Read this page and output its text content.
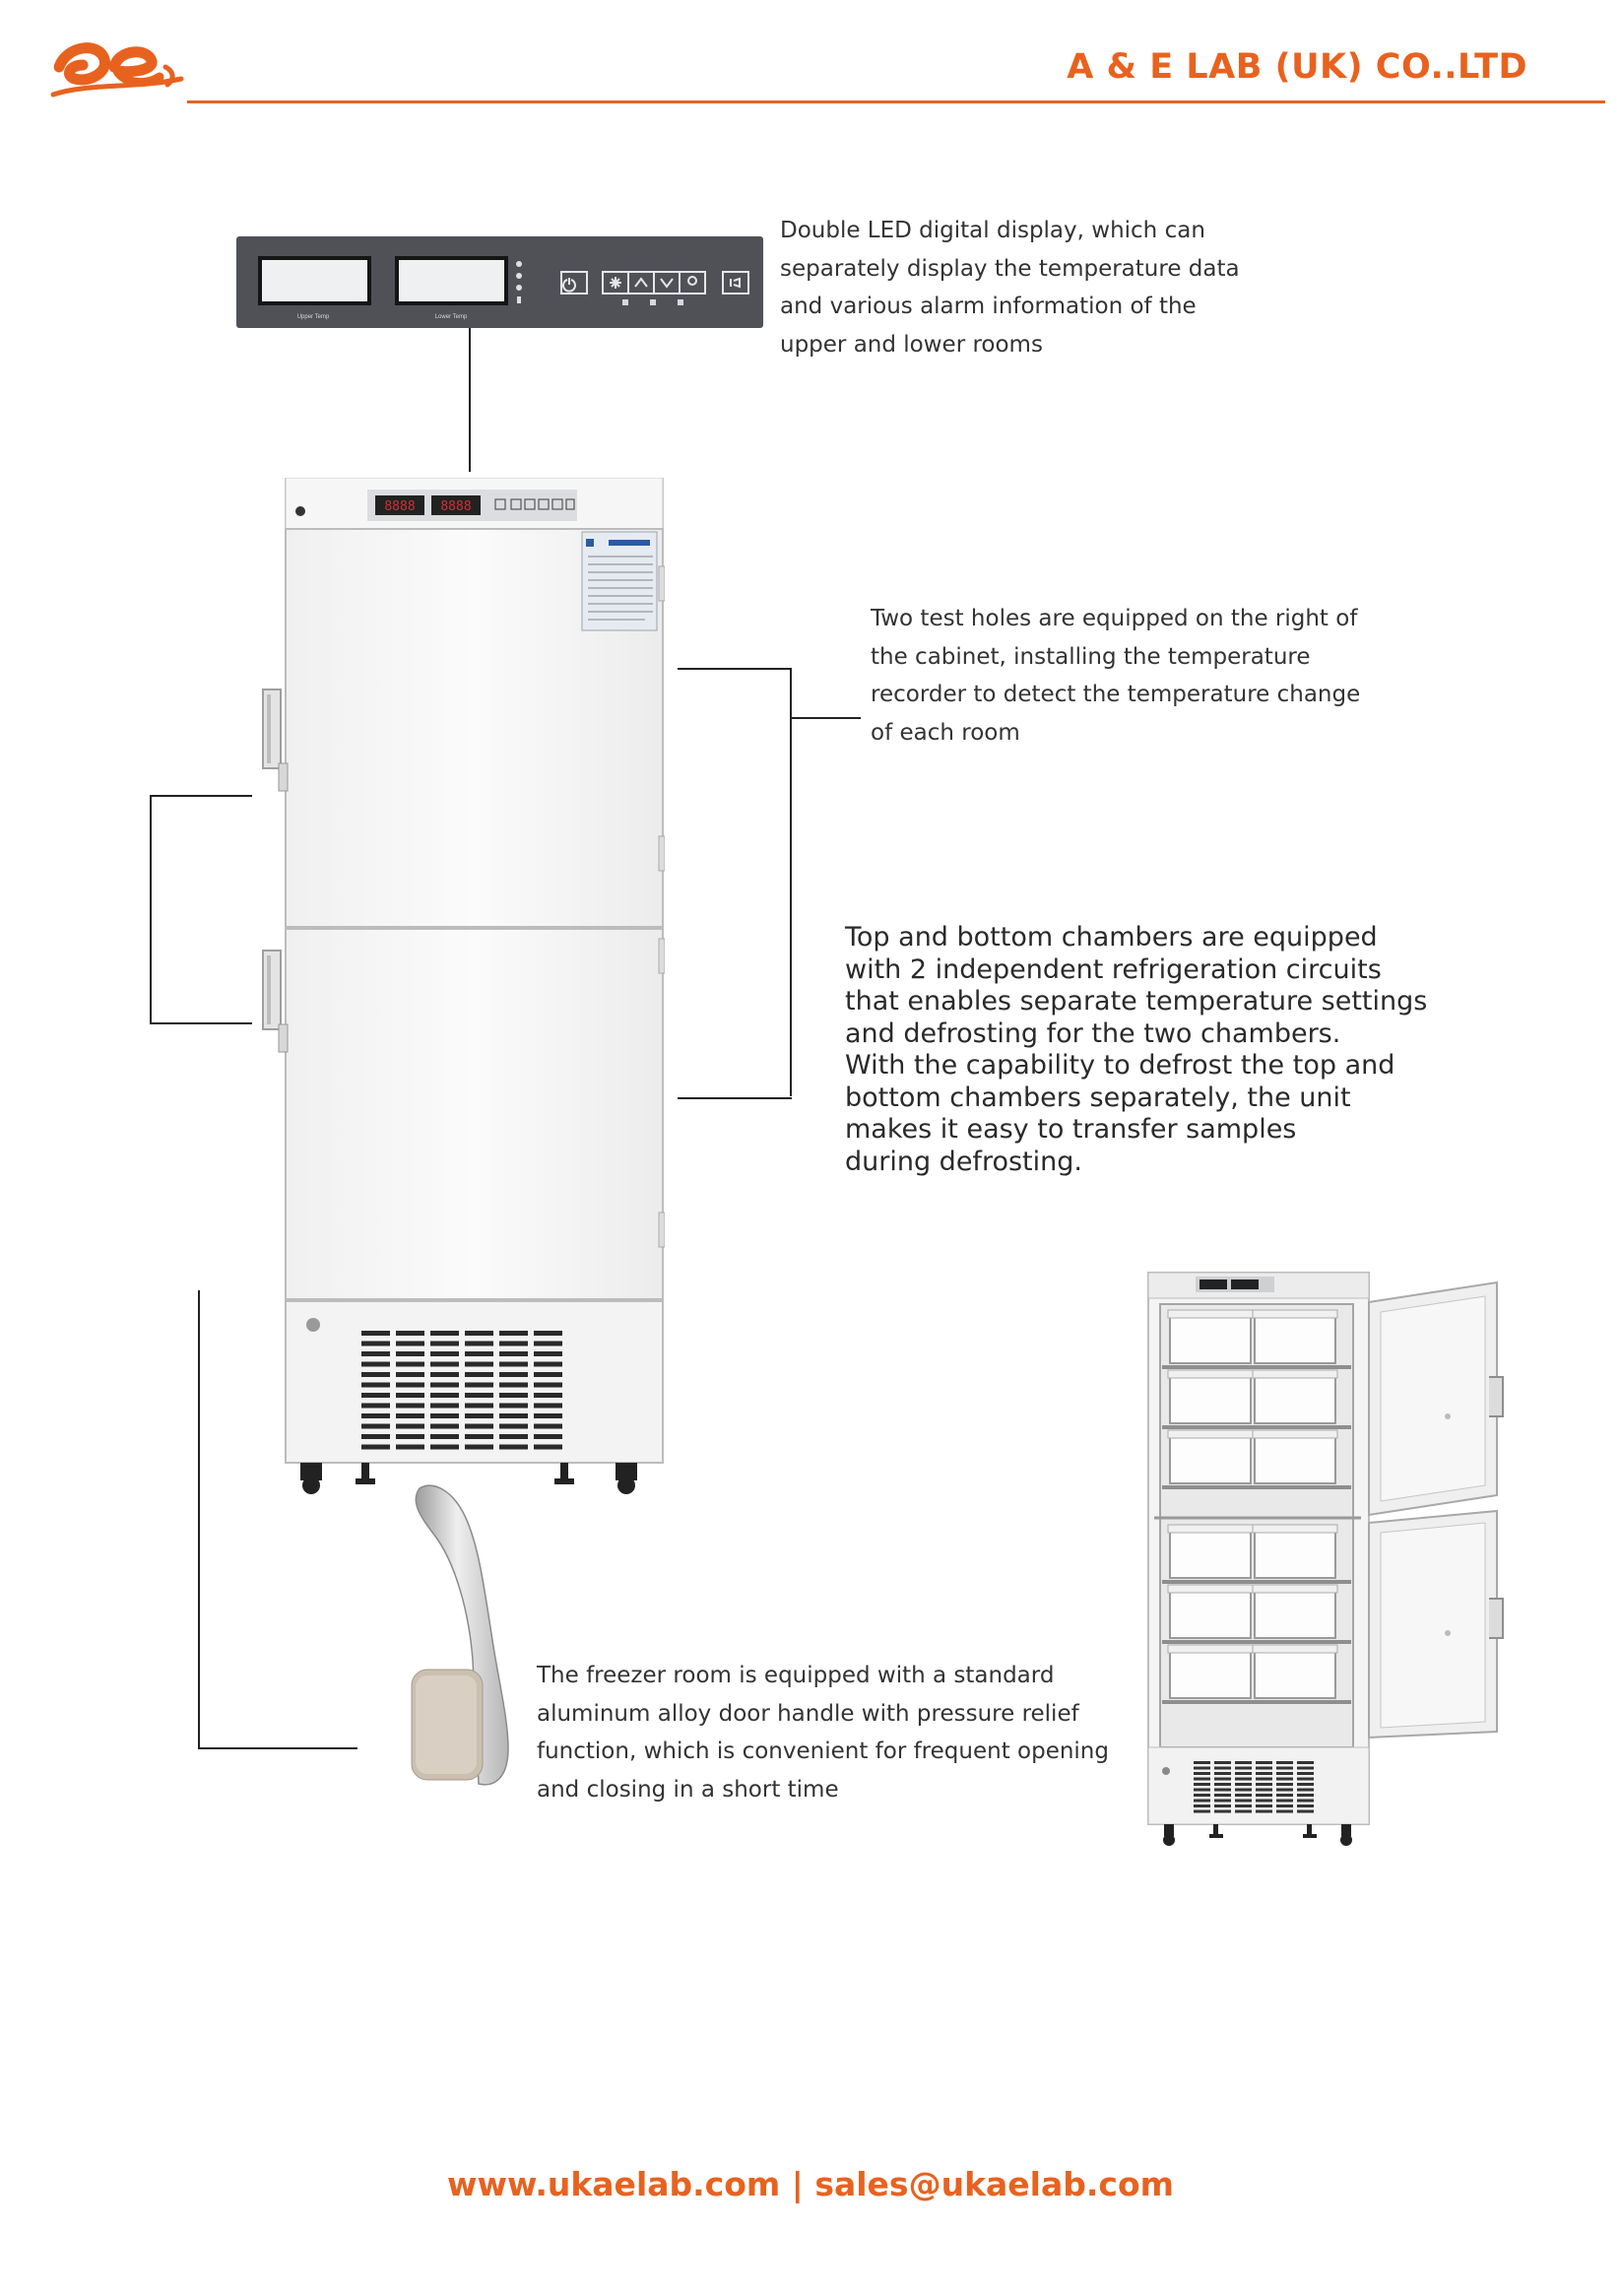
A & E LAB (UK) CO..LTD
Upper Temp	Lower Temp
8888 8888
Double LED digital display, which can
separately display the temperature data
and various alarm information of the
upper and lower rooms
Two test holes are equipped on the right of
the cabinet, installing the temperature
recorder to detect the temperature change
of each room
Top and bottom chambers are equipped
with 2 independent refrigeration circuits
that enables separate temperature settings
and defrosting for the two chambers.
With the capability to defrost the top and
bottom chambers separately, the unit
makes it easy to transfer samples
during defrosting.
The freezer room is equipped with a standard
aluminum alloy door handle with pressure relief
function, which is convenient for frequent opening
and closing in a short time
www.ukaelab.com | sales@ukaelab.com
